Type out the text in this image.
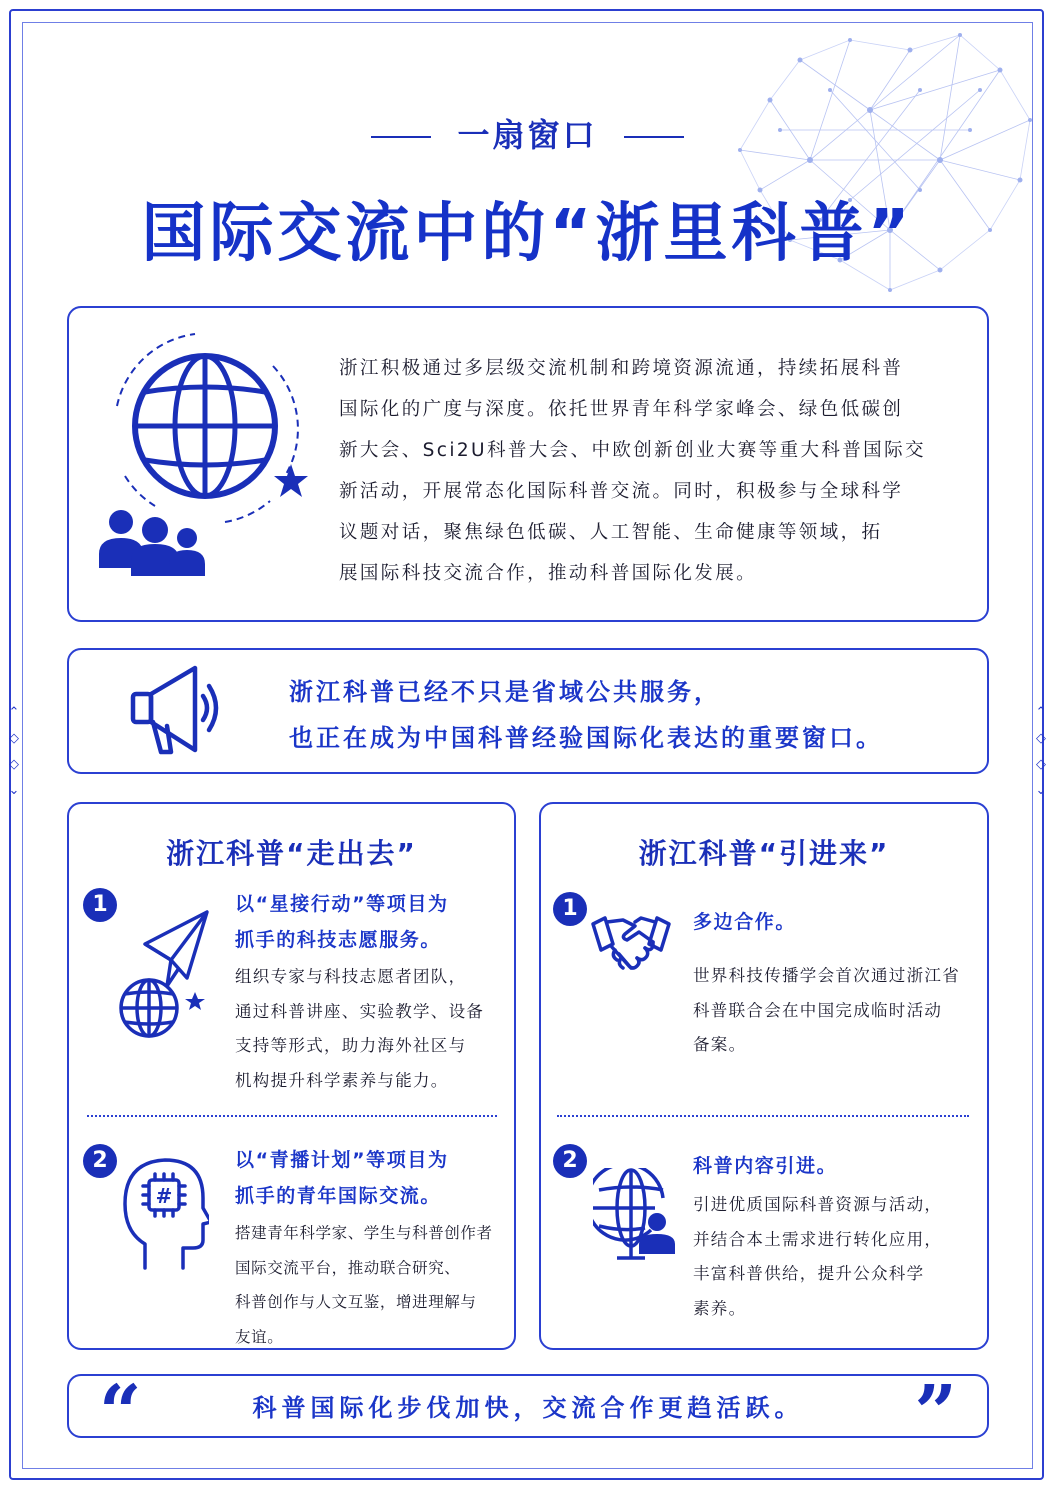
⌃
◇
◇
⌄
⌃
◇
◇
⌄
一扇窗口
国际交流中的“浙里科普”
浙江积极通过多层级交流机制和跨境资源流通，持续拓展科普
国际化的广度与深度。依托世界青年科学家峰会、绿色低碳创
新大会、Sci2U科普大会、中欧创新创业大赛等重大科普国际交
新活动，开展常态化国际科普交流。同时，积极参与全球科学
议题对话，聚焦绿色低碳、人工智能、生命健康等领域，拓
展国际科技交流合作，推动科普国际化发展。
浙江科普已经不只是省域公共服务，
也正在成为中国科普经验国际化表达的重要窗口。
浙江科普“走出去”
1	以“星接行动”等项目为
抓手的科技志愿服务。
组织专家与科技志愿者团队，
通过科普讲座、实验教学、设备
支持等形式，助力海外社区与
机构提升科学素养与能力。
2
#
以“青播计划”等项目为
抓手的青年国际交流。
搭建青年科学家、学生与科普创作者
国际交流平台，推动联合研究、
科普创作与人文互鉴，增进理解与
友谊。
浙江科普“引进来”
1
多边合作。
世界科技传播学会首次通过浙江省
科普联合会在中国完成临时活动
备案。
2	科普内容引进。
引进优质国际科普资源与活动，
并结合本土需求进行转化应用，
丰富科普供给，提升公众科学
素养。
“	科普国际化步伐加快，交流合作更趋活跃。	”
